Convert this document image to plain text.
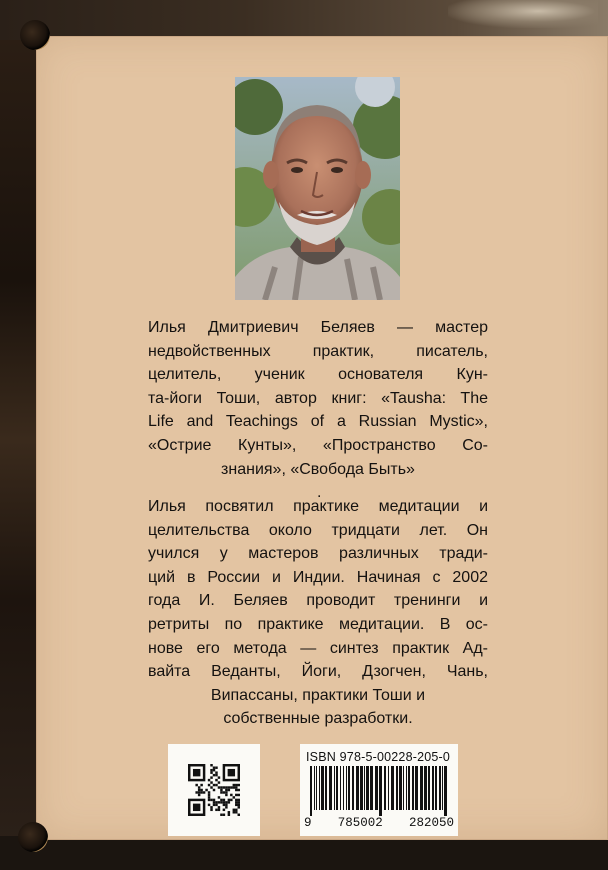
Илья Дмитриевич Беляев — мастер
недвойственных практик, писатель,
целитель, ученик основателя Кун-
та-йоги Тоши, автор книг: «Tausha: The
Life and Teachings of a Russian Mystic»,
«Острие Кунты», «Пространство Со-
знания», «Свобода Быть»
.
Илья посвятил практике медитации и
целительства около тридцати лет. Он
учился у мастеров различных тради-
ций в России и Индии. Начиная с 2002
года И. Беляев проводит тренинги и
ретриты по практике медитации. В ос-
нове его метода — синтез практик Ад-
вайта Веданты, Йоги, Дзогчен, Чань,
Випассаны, практики Тоши и
собственные разработки.
ISBN 978-5-00228-205-0
9 785002 282050
